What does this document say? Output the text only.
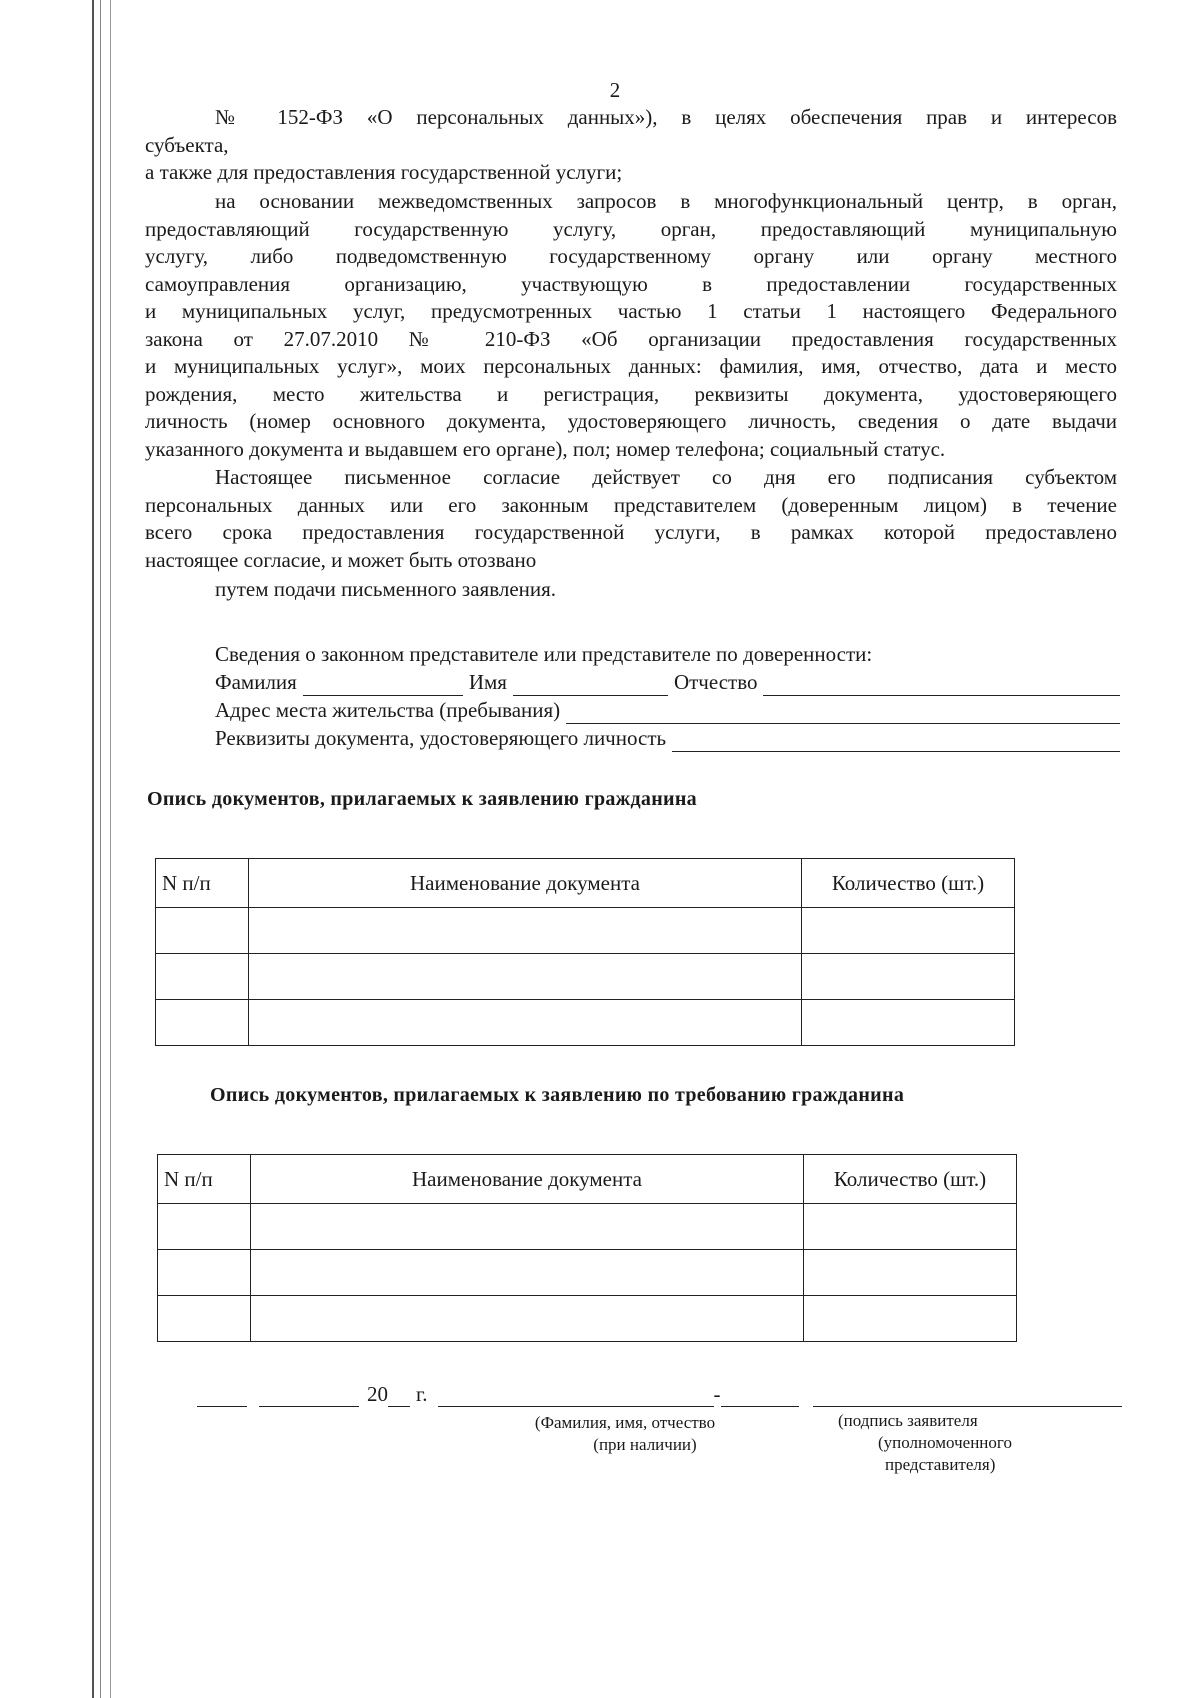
2

№ 152-ФЗ «О персональных данных»), в целях обеспечения прав и интересов

субъекта,

а также для предоставления государственной услуги;

на основании межведомственных запросов в многофункциональный центр, в орган,

предоставляющий государственную услугу, орган, предоставляющий муниципальную

услугу, либо подведомственную государственному органу или органу местного

самоуправления организацию, участвующую в предоставлении государственных

и муниципальных услуг, предусмотренных частью 1 статьи 1 настоящего Федерального

закона от 27.07.2010 № 210-ФЗ «Об организации предоставления государственных

и муниципальных услуг», моих персональных данных: фамилия, имя, отчество, дата и место

рождения, место жительства и регистрация, реквизиты документа, удостоверяющего

личность (номер основного документа, удостоверяющего личность, сведения о дате выдачи

указанного документа и выдавшем его органе), пол; номер телефона; социальный статус.

Настоящее письменное согласие действует со дня его подписания субъектом

персональных данных или его законным представителем (доверенным лицом) в течение

всего срока предоставления государственной услуги, в рамках которой предоставлено

настоящее согласие, и может быть отозвано

путем подачи письменного заявления.

Сведения о законном представителе или представителе по доверенности:
Фамилия	Имя	Отчество
Адрес места жительства (пребывания)
Реквизиты документа, удостоверяющего личность
Опись документов, прилагаемых к заявлению гражданина
N п/п	Наименование документа	Количество (шт.)

Опись документов, прилагаемых к заявлению по требованию гражданина
N п/п	Наименование документа	Количество (шт.)

20 г.	-
(Фамилия, имя, отчество
(при наличии)
(подпись заявителя
(уполномоченного
представителя)
